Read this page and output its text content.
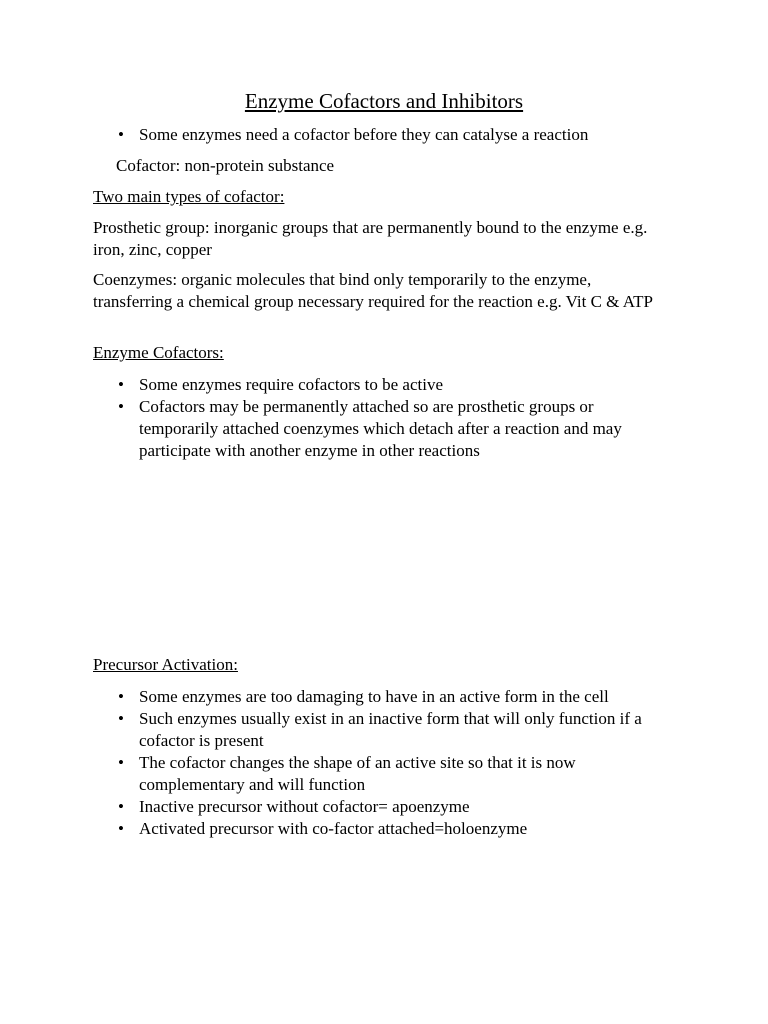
Enzyme Cofactors and Inhibitors
• Some enzymes need a cofactor before they can catalyse a reaction
Cofactor: non-protein substance
Two main types of cofactor:
Prosthetic group: inorganic groups that are permanently bound to the enzyme e.g. iron, zinc, copper
Coenzymes: organic molecules that bind only temporarily to the enzyme, transferring a chemical group necessary required for the reaction e.g. Vit C & ATP
Enzyme Cofactors:
• Some enzymes require cofactors to be active
• Cofactors may be permanently attached so are prosthetic groups or temporarily attached coenzymes which detach after a reaction and may participate with another enzyme in other reactions
Precursor Activation:
• Some enzymes are too damaging to have in an active form in the cell
• Such enzymes usually exist in an inactive form that will only function if a cofactor is present
• The cofactor changes the shape of an active site so that it is now complementary and will function
• Inactive precursor without cofactor= apoenzyme
• Activated precursor with co-factor attached=holoenzyme
